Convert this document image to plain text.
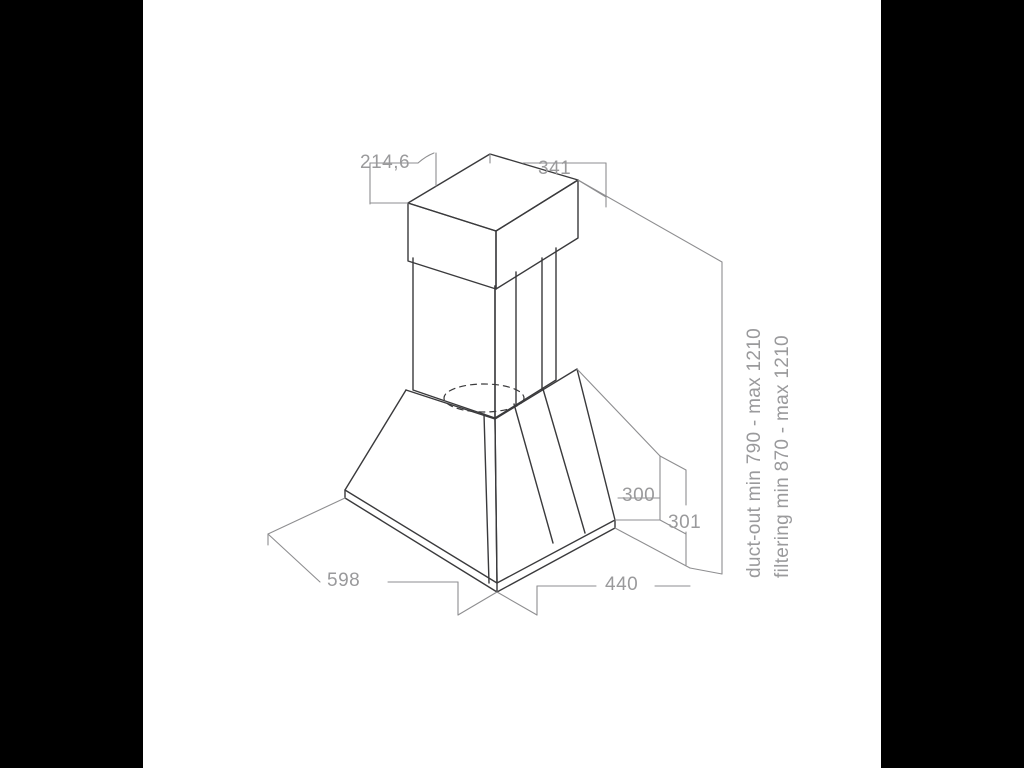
214,6	341
598	440
300
301 duct-out min 790 - max 1210 filtering min 870 - max 1210
